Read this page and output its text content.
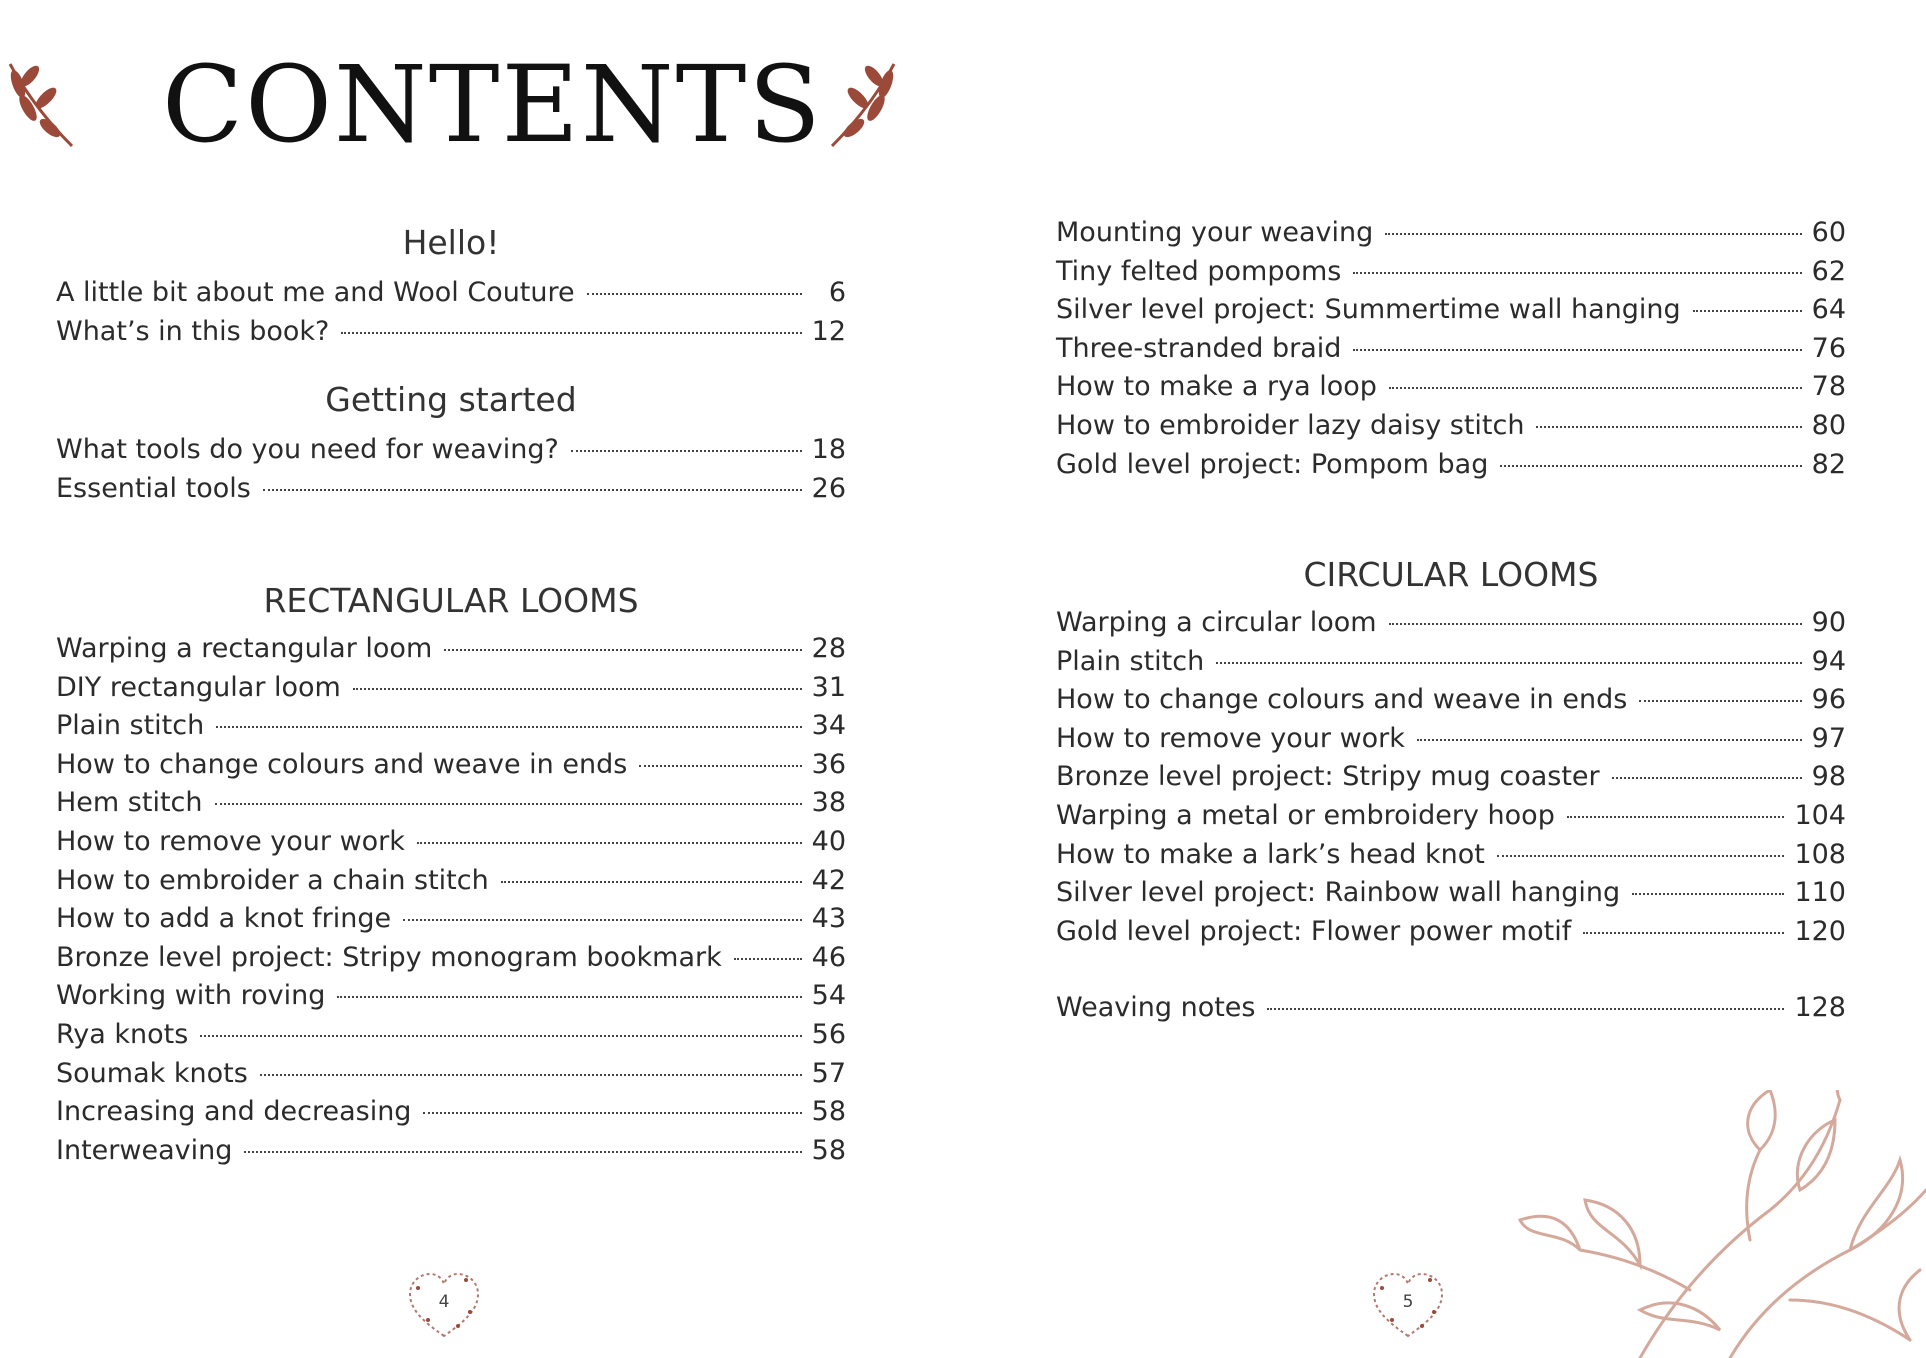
CONTENTS
Hello!
A little bit about me and Wool Couture	6
What’s in this book?	12
Getting started
What tools do you need for weaving?	18
Essential tools	26
RECTANGULAR LOOMS
Warping a rectangular loom	28
DIY rectangular loom	31
Plain stitch	34
How to change colours and weave in ends	36
Hem stitch	38
How to remove your work	40
How to embroider a chain stitch	42
How to add a knot fringe	43
Bronze level project: Stripy monogram bookmark	46
Working with roving	54
Rya knots	56
Soumak knots	57
Increasing and decreasing	58
Interweaving	58
4
Mounting your weaving	60
Tiny felted pompoms	62
Silver level project: Summertime wall hanging	64
Three-stranded braid	76
How to make a rya loop	78
How to embroider lazy daisy stitch	80
Gold level project: Pompom bag	82
CIRCULAR LOOMS
Warping a circular loom	90
Plain stitch	94
How to change colours and weave in ends	96
How to remove your work	97
Bronze level project: Stripy mug coaster	98
Warping a metal or embroidery hoop	104
How to make a lark’s head knot	108
Silver level project: Rainbow wall hanging	110
Gold level project: Flower power motif	120
Weaving notes	128
5
